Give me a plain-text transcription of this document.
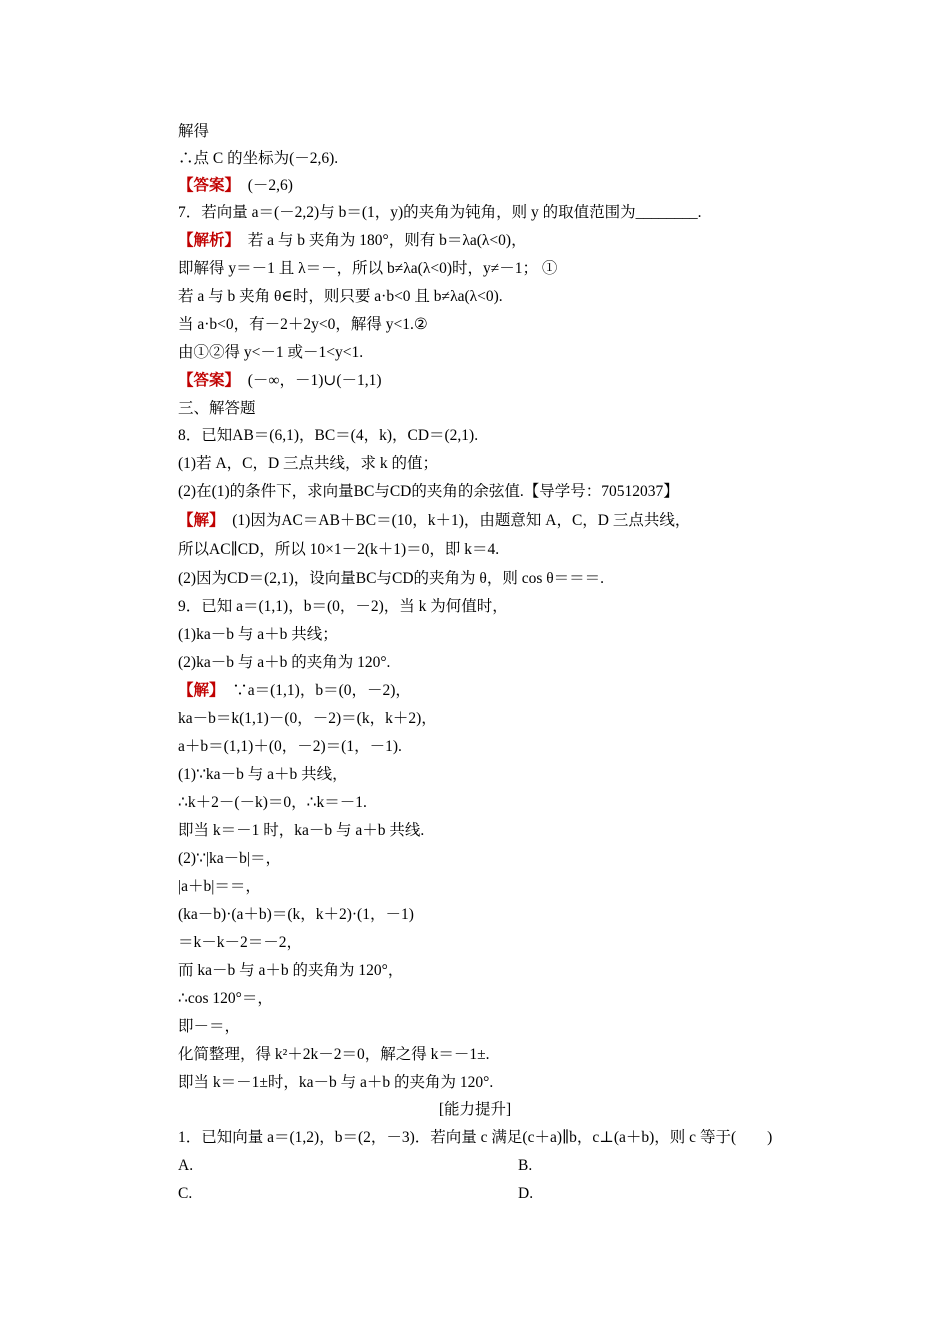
解得
∴点 C 的坐标为(－2,6).
【答案】　(－2,6)
7．若向量 a＝(－2,2)与 b＝(1，y)的夹角为钝角，则 y 的取值范围为________.
【解析】　若 a 与 b 夹角为 180°，则有 b＝λa(λ<0)，
即解得 y＝－1 且 λ＝－，所以 b≠λa(λ<0)时，y≠－1； ①
若 a 与 b 夹角 θ∈时，则只要 a·b<0 且 b≠λa(λ<0).
当 a·b<0，有－2＋2y<0，解得 y<1.②
由①②得 y<－1 或－1<y<1.
【答案】　(－∞，－1)∪(－1,1)
三、解答题
8．已知AB＝(6,1)，BC＝(4，k)，CD＝(2,1).
(1)若 A，C，D 三点共线，求 k 的值；
(2)在(1)的条件下，求向量BC与CD的夹角的余弦值.【导学号：70512037】
【解】　(1)因为AC＝AB＋BC＝(10，k＋1)，由题意知 A，C，D 三点共线，
所以AC∥CD，所以 10×1－2(k＋1)＝0，即 k＝4.
(2)因为CD＝(2,1)，设向量BC与CD的夹角为 θ，则 cos θ＝＝＝.
9．已知 a＝(1,1)，b＝(0，－2)，当 k 为何值时，
(1)ka－b 与 a＋b 共线；
(2)ka－b 与 a＋b 的夹角为 120°.
【解】　∵a＝(1,1)，b＝(0，－2)，
ka－b＝k(1,1)－(0，－2)＝(k，k＋2)，
a＋b＝(1,1)＋(0，－2)＝(1，－1).
(1)∵ka－b 与 a＋b 共线，
∴k＋2－(－k)＝0，∴k＝－1.
即当 k＝－1 时，ka－b 与 a＋b 共线.
(2)∵|ka－b|＝，
|a＋b|＝＝，
(ka－b)·(a＋b)＝(k，k＋2)·(1，－1)
＝k－k－2＝－2，
而 ka－b 与 a＋b 的夹角为 120°，
∴cos 120°＝，
即－＝，
化简整理，得 k²＋2k－2＝0，解之得 k＝－1±.
即当 k＝－1±时，ka－b 与 a＋b 的夹角为 120°.
[能力提升]
1．已知向量 a＝(1,2)，b＝(2，－3)．若向量 c 满足(c＋a)∥b，c⊥(a＋b)，则 c 等于(　　)
A.	B.
C.	D.
